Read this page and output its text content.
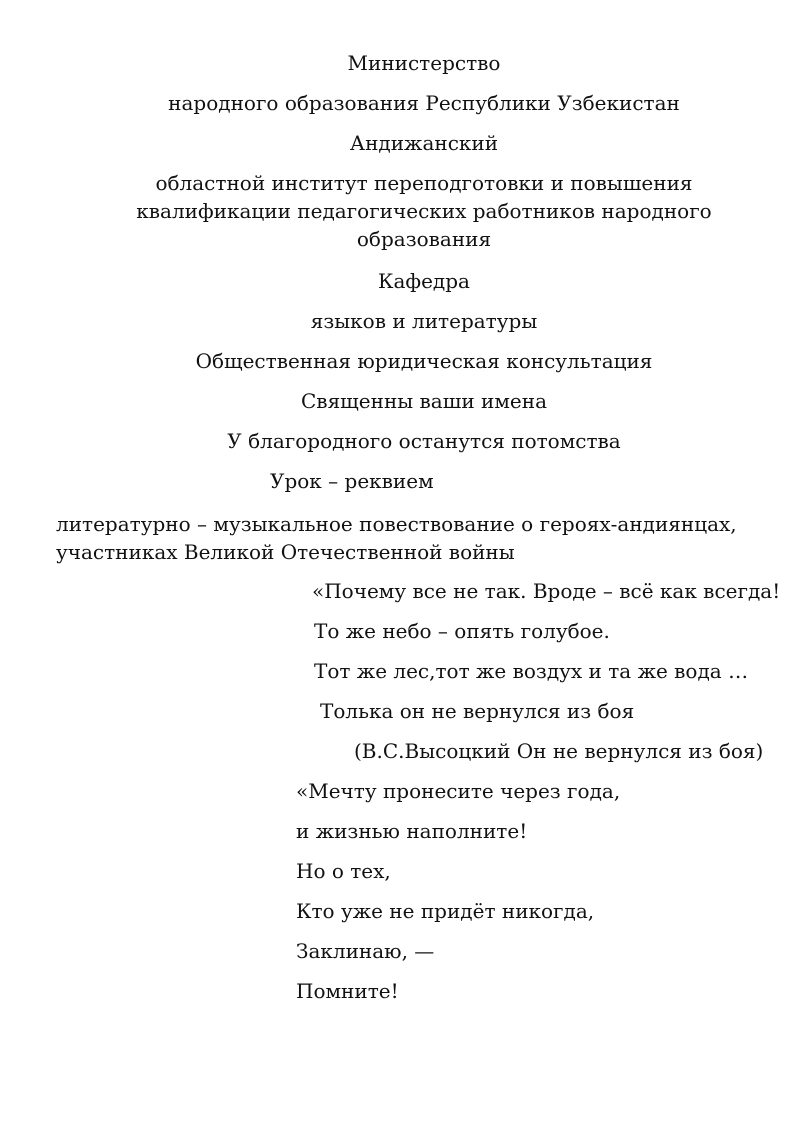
Министерство
народного образования Республики Узбекистан
Андижанский
областной институт переподготовки и повышения
квалификации педагогических работников народного
образования
Кафедра
языков и литературы
Общественная юридическая консультация
Священны ваши имена
У благородного останутся потомства
Урок – реквием
литературно – музыкальное повествование о героях-андиянцах,
участниках Великой Отечественной войны
«Почему все не так. Вроде – всё как всегда!
То же небо – опять голубое.
Тот же лес,тот же воздух и та же вода …
Толька он не вернулся из боя
(В.С.Высоцкий Он не вернулся из боя)
«Мечту пронесите через года,
и жизнью наполните!
Но о тех,
Кто уже не придёт никогда,
Заклинаю, —
Помните!
